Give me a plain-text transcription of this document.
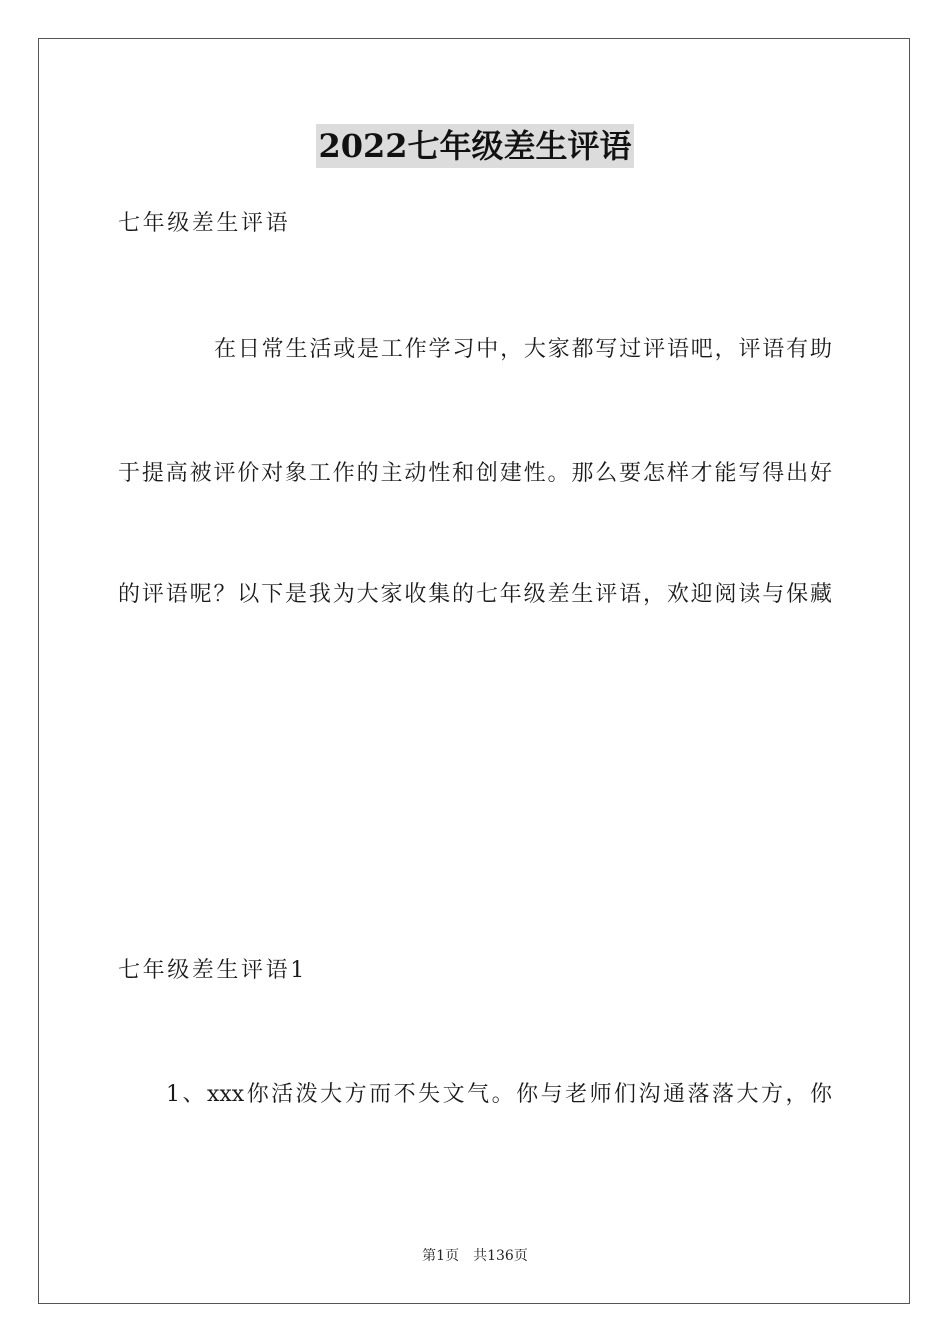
2022七年级差生评语
七年级差生评语
在日常生活或是工作学习中，大家都写过评语吧，评语有助
于提高被评价对象工作的主动性和创建性。那么要怎样才能写得出好
的评语呢？以下是我为大家收集的七年级差生评语，欢迎阅读与保藏
七年级差生评语1
1、xxx你活泼大方而不失文气。你与老师们沟通落落大方，你
第1页 共136页
